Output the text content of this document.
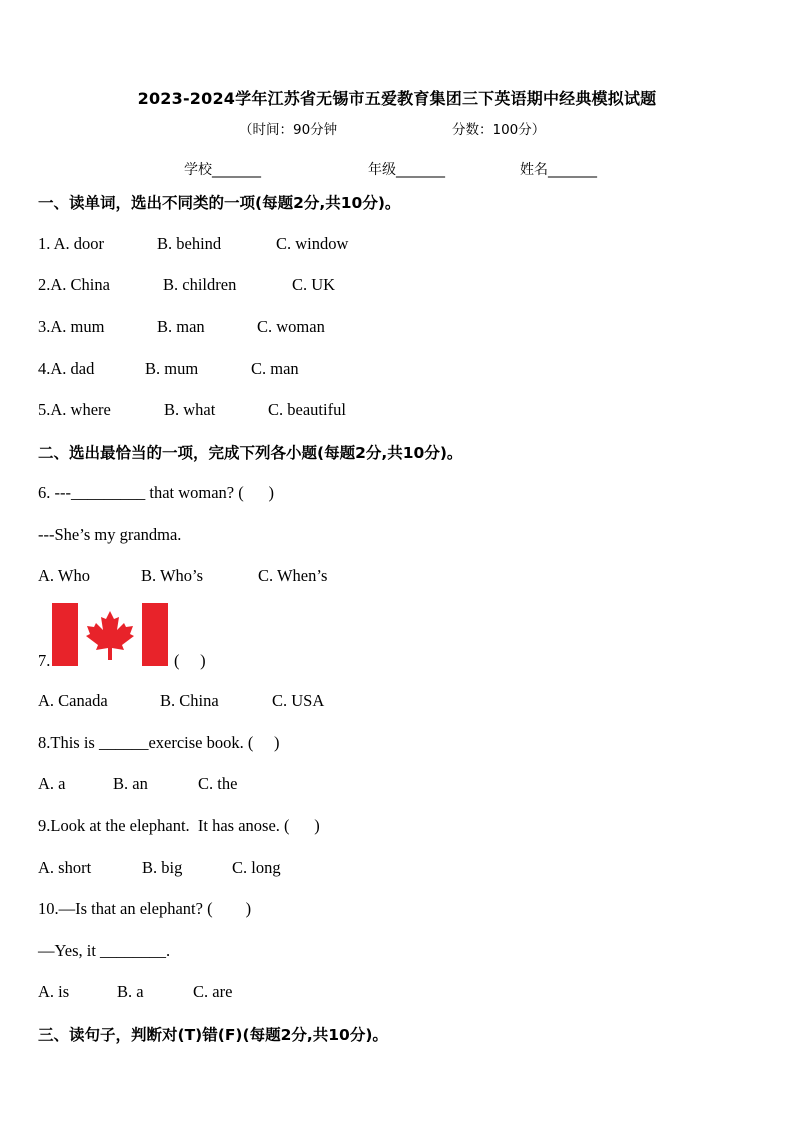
2023-2024学年江苏省无锡市五爱教育集团三下英语期中经典模拟试题
（时间：90分钟	分数：100分）
学校_______	年级_______	姓名_______
一、读单词，选出不同类的一项(每题2分,共10分)。
1. A. door	B. behind	C. window
2.A. China	B. children	C. UK
3.A. mum	B. man	C. woman
4.A. dad	B. mum	C. man
5.A. where	B. what	C. beautiful
二、选出最恰当的一项，完成下列各小题(每题2分,共10分)。
6. ---_________ that woman? (      )
---She’s my grandma.
A. Who	B. Who’s	C. When’s
7.	(     )
A. Canada	B. China	C. USA
8.This is ______exercise book. (     )
A. a	B. an	C. the
9.Look at the elephant.  It has anose. (      )
A. short	B. big	C. long
10.—Is that an elephant? (        )
—Yes, it ________.
A. is	B. a	C. are
三、读句子，判断对(T)错(F)(每题2分,共10分)。
